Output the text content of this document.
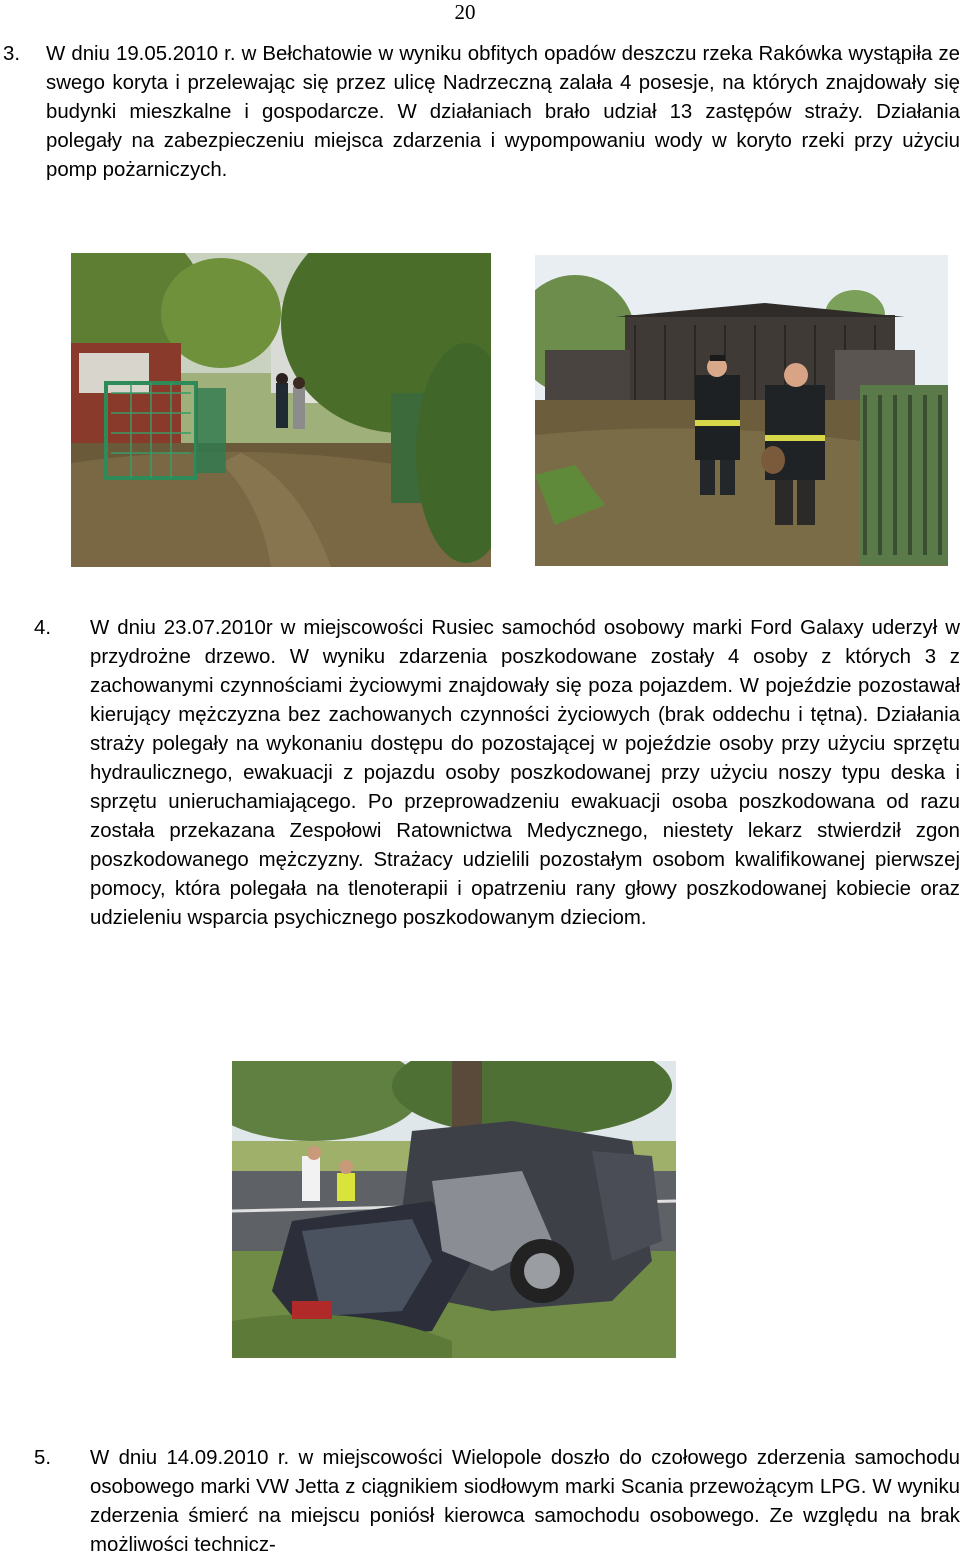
20
3. W dniu 19.05.2010 r. w Bełchatowie w wyniku obfitych opadów deszczu rzeka Rakówka wystąpiła ze swego koryta i przelewając się przez ulicę Nadrzeczną zalała 4 posesje, na których znajdowały się budynki mieszkalne i gospodarcze. W działaniach brało udział 13 zastępów straży. Działania polegały na zabezpieczeniu miejsca zdarzenia i wypompowaniu wody w koryto rzeki przy użyciu pomp pożarniczych.
4. W dniu 23.07.2010r w miejscowości Rusiec samochód osobowy marki Ford Galaxy uderzył w przydrożne drzewo. W wyniku zdarzenia poszkodowane zostały 4 osoby z których 3 z zachowanymi czynnościami życiowymi znajdowały się poza pojazdem. W pojeździe pozostawał kierujący mężczyzna bez zachowanych czynności życiowych (brak oddechu i tętna). Działania straży polegały na wykonaniu dostępu do pozostającej w pojeździe osoby przy użyciu sprzętu hydraulicznego, ewakuacji z pojazdu osoby poszkodowanej przy użyciu noszy typu deska i sprzętu unieruchamiającego. Po przeprowadzeniu ewakuacji osoba poszkodowana od razu została przekazana Zespołowi Ratownictwa Medycznego, niestety lekarz stwierdził zgon poszkodowanego mężczyzny. Strażacy udzielili pozostałym osobom kwalifikowanej pierwszej pomocy, która polegała na tlenoterapii i opatrzeniu rany głowy poszkodowanej kobiecie oraz udzieleniu wsparcia psychicznego poszkodowanym dzieciom.
5. W dniu 14.09.2010 r. w miejscowości Wielopole doszło do czołowego zderzenia samochodu osobowego marki VW Jetta z ciągnikiem siodłowym marki Scania przewożącym LPG. W wyniku zderzenia śmierć na miejscu poniósł kierowca samochodu osobowego. Ze względu na brak możliwości technicz-
